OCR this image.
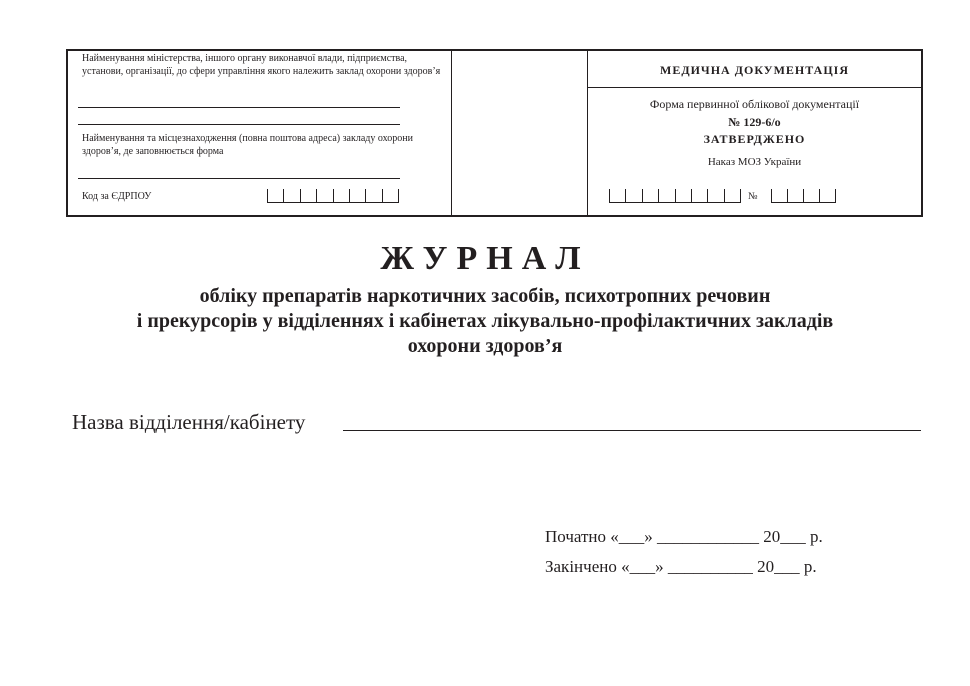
Найменування міністерства, іншого органу виконавчої влади, підприємства, установи, організації, до сфери управління якого належить заклад охорони здоров’я
Найменування та місцезнаходження (повна поштова адреса) закладу охорони здоров’я, де заповнюється форма
Код за ЄДРПОУ
МЕДИЧНА ДОКУМЕНТАЦІЯ
Форма первинної облікової документації
№ 129-6/о
ЗАТВЕРДЖЕНО
Наказ МОЗ України
№
ЖУРНАЛ
обліку препаратів наркотичних засобів, психотропних речовин
і прекурсорів у відділеннях і кабінетах лікувально-профілактичних закладів
охорони здоров’я
Назва відділення/кабінету
Початно «___» ____________ 20___ р.
Закінчено «___» __________ 20___ р.
